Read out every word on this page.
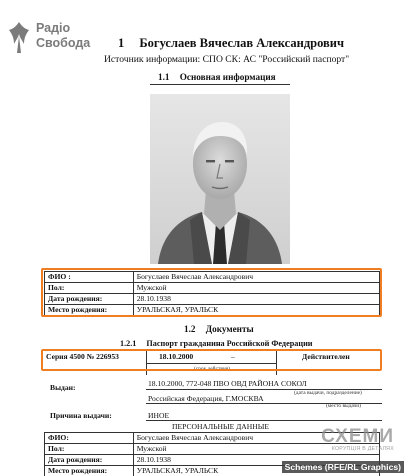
Радіо
Свобода 1 Богуслаев Вячеслав Александрович
Источник информации: СПО СК: АС "Российский паспорт"
1.1 Основная информация
ФИО :	Богуслаев Вячеслав Александрович
Пол:	Мужской
Дата рождения:	28.10.1938
Место рождения:	УРАЛЬСКАЯ, УРАЛЬСК
1.2 Документы
1.2.1 Паспорт гражданина Российской Федерации
Серия 4500 № 226953	18.10.2000	–	Действителен
(срок действия)
Выдан:	18.10.2000, 772-048 ПВО ОВД РАЙОНА СОКОЛ
(дата выдачи, подразделение)
Российская Федерация, Г.МОСКВА
(место выдачи)
Причина выдачи:	ИНОЕ
ПЕРСОНАЛЬНЫЕ ДАННЫЕ
ФИО:	Богуслаев Вячеслав Александрович
Пол:	Мужской
Дата рождения:	28.10.1938
Место рождения:	УРАЛЬСКАЯ, УРАЛЬСК
СХЕМИ
КОРУПЦІЯ В ДЕТАЛЯХ
Schemes (RFE/RL Graphics)
